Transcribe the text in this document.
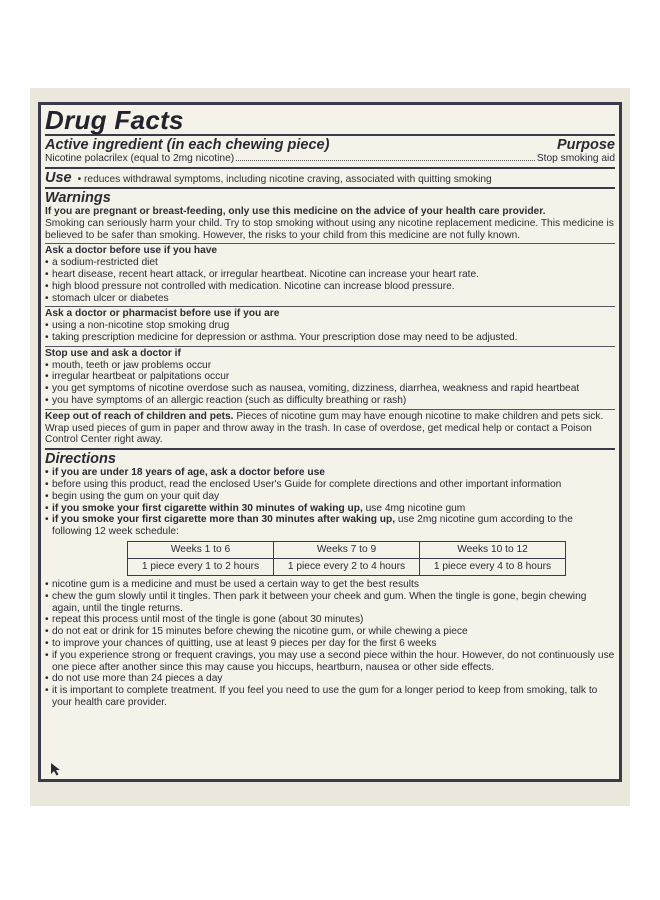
Drug Facts
Active ingredient (in each chewing piece)	Purpose
Nicotine polacrilex (equal to 2mg nicotine)	Stop smoking aid
Use • reduces withdrawal symptoms, including nicotine craving, associated with quitting smoking
Warnings
If you are pregnant or breast-feeding, only use this medicine on the advice of your health care provider.
Smoking can seriously harm your child. Try to stop smoking without using any nicotine replacement medicine. This medicine is believed to be safer than smoking. However, the risks to your child from this medicine are not fully known.
Ask a doctor before use if you have
• a sodium-restricted diet
• heart disease, recent heart attack, or irregular heartbeat. Nicotine can increase your heart rate.
• high blood pressure not controlled with medication. Nicotine can increase blood pressure.
• stomach ulcer or diabetes
Ask a doctor or pharmacist before use if you are
• using a non-nicotine stop smoking drug
• taking prescription medicine for depression or asthma. Your prescription dose may need to be adjusted.
Stop use and ask a doctor if
• mouth, teeth or jaw problems occur
• irregular heartbeat or palpitations occur
• you get symptoms of nicotine overdose such as nausea, vomiting, dizziness, diarrhea, weakness and rapid heartbeat
• you have symptoms of an allergic reaction (such as difficulty breathing or rash)
Keep out of reach of children and pets. Pieces of nicotine gum may have enough nicotine to make children and pets sick. Wrap used pieces of gum in paper and throw away in the trash. In case of overdose, get medical help or contact a Poison Control Center right away.
Directions
• if you are under 18 years of age, ask a doctor before use
• before using this product, read the enclosed User's Guide for complete directions and other important information
• begin using the gum on your quit day
• if you smoke your first cigarette within 30 minutes of waking up, use 4mg nicotine gum
• if you smoke your first cigarette more than 30 minutes after waking up, use 2mg nicotine gum according to the following 12 week schedule:
Weeks 1 to 6	Weeks 7 to 9	Weeks 10 to 12
1 piece every 1 to 2 hours	1 piece every 2 to 4 hours	1 piece every 4 to 8 hours
• nicotine gum is a medicine and must be used a certain way to get the best results
• chew the gum slowly until it tingles. Then park it between your cheek and gum. When the tingle is gone, begin chewing again, until the tingle returns.
• repeat this process until most of the tingle is gone (about 30 minutes)
• do not eat or drink for 15 minutes before chewing the nicotine gum, or while chewing a piece
• to improve your chances of quitting, use at least 9 pieces per day for the first 6 weeks
• if you experience strong or frequent cravings, you may use a second piece within the hour. However, do not continuously use one piece after another since this may cause you hiccups, heartburn, nausea or other side effects.
• do not use more than 24 pieces a day
• it is important to complete treatment. If you feel you need to use the gum for a longer period to keep from smoking, talk to your health care provider.
